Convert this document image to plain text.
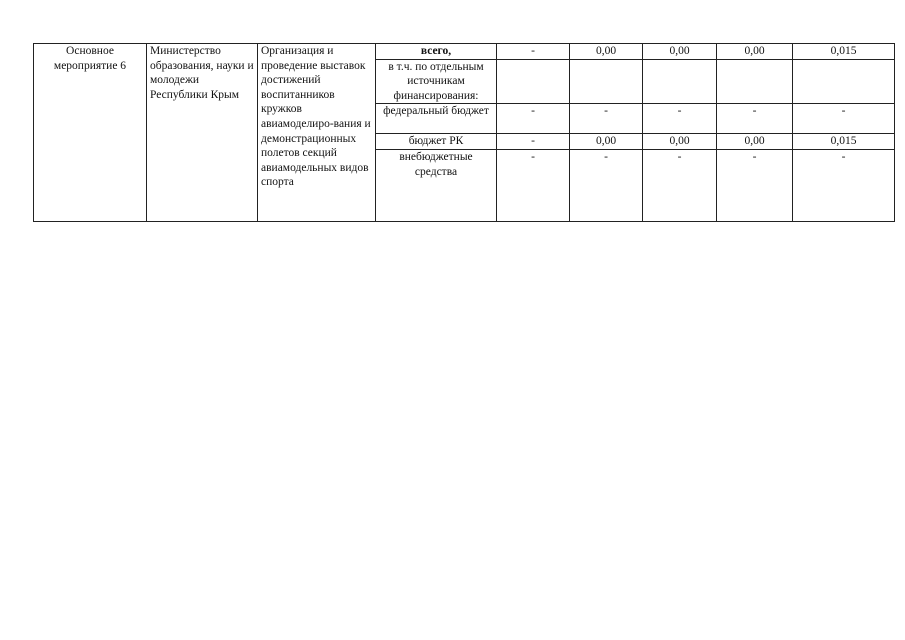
Основное мероприятие 6	Министерство образования, науки и молодежи Республики Крым	Организация и проведение выставок достижений воспитанников кружков авиамоделиро-вания и демонстрационных полетов секций авиамодельных видов спорта	всего,	-	0,00	0,00	0,00	0,015
			в т.ч. по отдельным источникам финансирования:					
			федеральный бюджет	-	-	-	-	-
			бюджет РК	-	0,00	0,00	0,00	0,015
			внебюджетные средства	-	-	-	-	-
